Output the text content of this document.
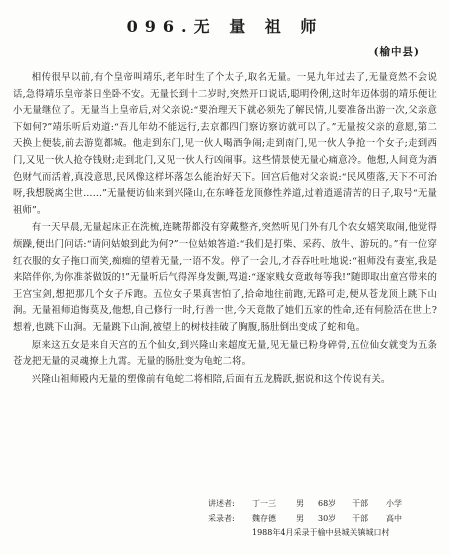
096.无 量 祖 师
(榆中县)

相传很早以前,有个皇帝叫靖乐,老年时生了个太子,取名无量。一晃九年过去了,无量竟然不会说话,急得靖乐皇帝茶日坐卧不安。无量长到十二岁时,突然开口说话,聪明伶俐,这时年迈体弱的靖乐便让小无量继位了。无量当上皇帝后,对父亲说:“要治理天下就必须先了解民情,儿要准备出游一次,父亲意下如何?”靖乐听后劝道:“吾儿年幼不能远行,去京都四门察访察访就可以了。”无量按父亲的意愿,第二天换上便装,前去游览都城。他走到东门,见一伙人喝酒争闹;走到南门,见一伙人争抢一个女子;走到西门,又见一伙人抢夺钱财;走到北门,又见一伙人行凶闹事。这些情景使无量心痛意冷。他想,人间竟为酒色财气而活着,真没意思,民风像这样坏落怎么能治好天下。回宫后他对父亲说:“民风堕落,天下不可治呀,我想脱离尘世……”无量便访仙来到兴隆山,在东峰苍龙顶修性养道,过着逍遥清苦的日子,取号“无量祖师”。

有一天早晨,无量起床正在洗梳,连眺帮都没有穿戴整齐,突然听见门外有几个农女嬉笑取闹,他觉得烦躁,便出门问话:“请问姑娘到此为何?”一位姑娘答道:“我们是打柴、采药、放牛、游玩的。”有一位穿红衣服的女子拖口而笑,痴痴的望着无量,一语不发。停了一会儿,才吞吞吐吐地说:“祖师没有妻室,我是来陪伴你,为你准茶做饭的!”无量听后气得浑身发颤,骂道:“逐家贱女竟敢每等我!”随即取出童宫带来的王宫宝剑,想把那几个女子斥跑。五位女子果真害怕了,拾命地往前跑,无路可走,便从苍龙顶上跳下山涧。无量祖师追悔莫及,他想,自己修行一时,行善一世,今天竟散了她们五家的性命,还有何脸活在世上?想着,也跳下山涧。无量跳下山涧,被望上的树枝挂破了胸腹,肠肚倒出变成了蛇和龟。

原来这五女是来自天宫的五个仙女,到兴隆山来超度无量,见无量已粉身碎骨,五位仙女就变为五条苍龙把无量的灵魂撩上九霄。无量的肠肚变为龟蛇二将。

兴隆山祖师殿内无量的塑像前有龟蛇二将相陪,后面有五龙腾跃,据说和这个传说有关。

讲述者:	丁一三	男	68岁	干部	小学
采录者:	魏存德	男	30岁	干部	高中
1988年4月采录于榆中县城关镇城口村
